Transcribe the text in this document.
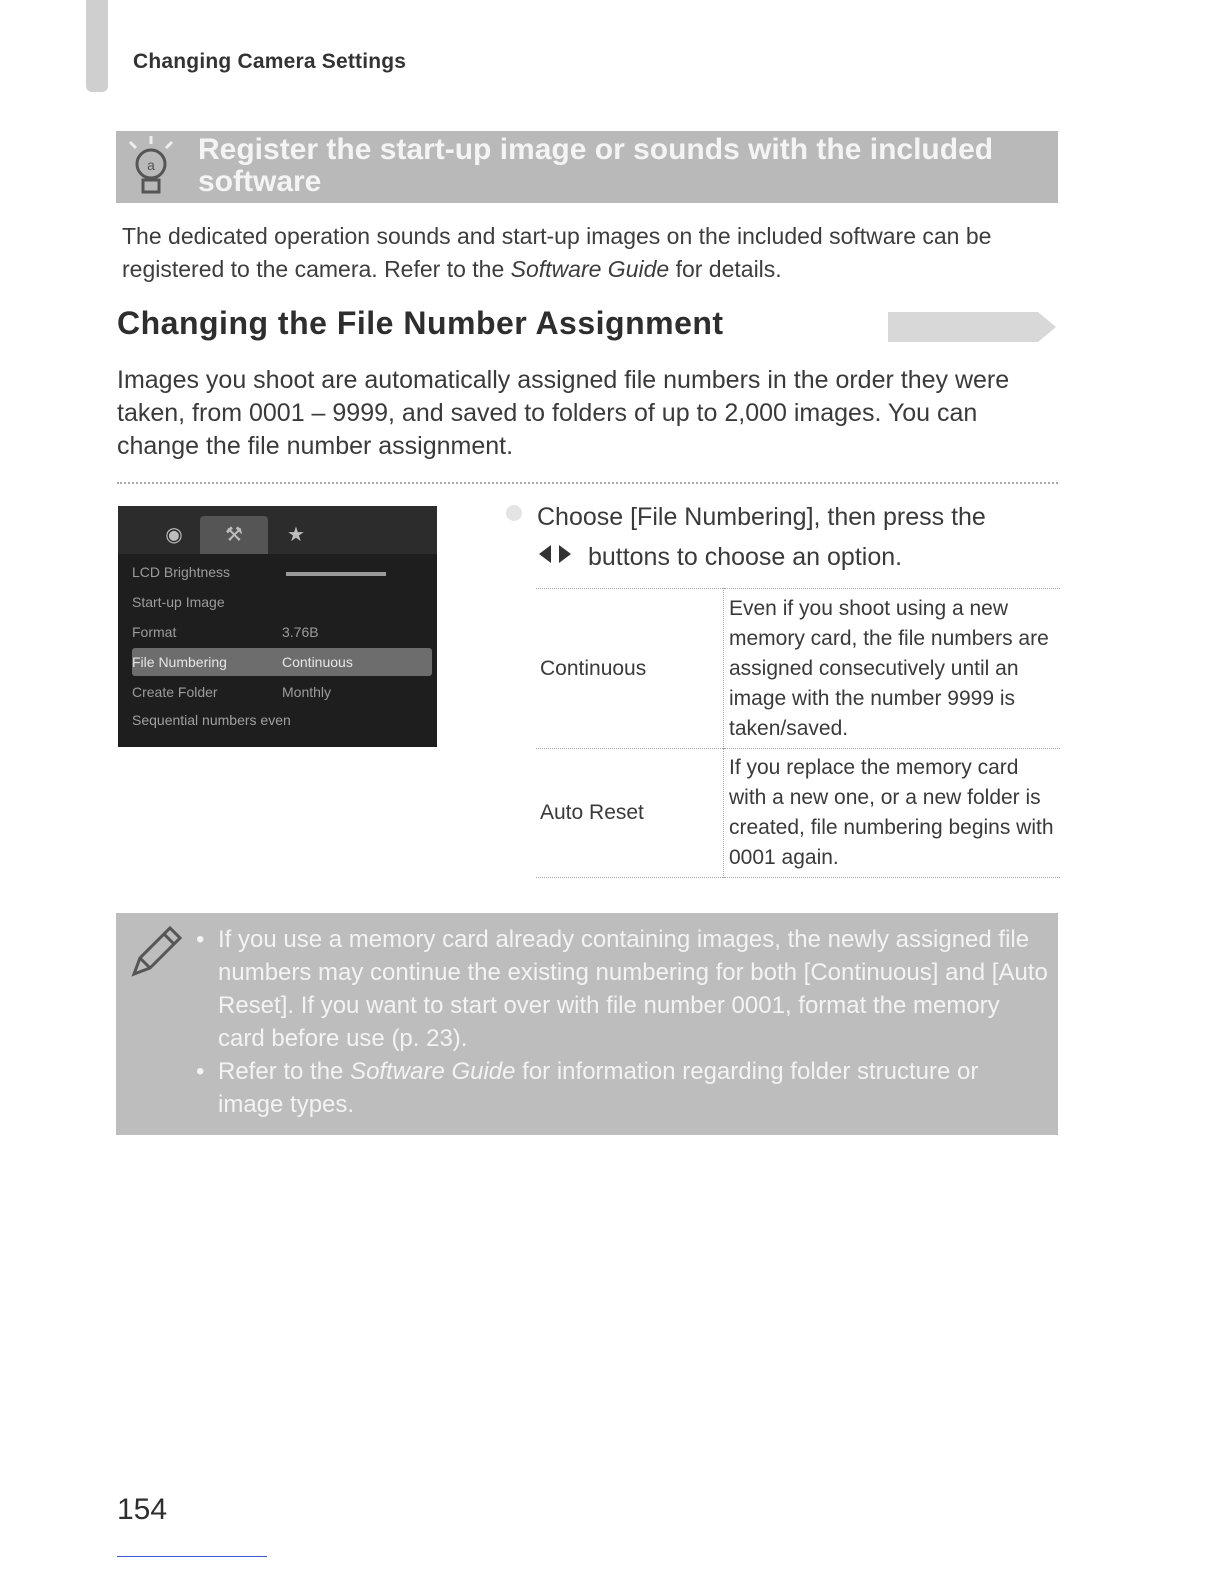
Changing Camera Settings
a Register the start-up image or sounds with the included software
The dedicated operation sounds and start-up images on the included software can be registered to the camera. Refer to the Software Guide for details.
Changing the File Number Assignment
Images you shoot are automatically assigned file numbers in the order they were taken, from 0001 – 9999, and saved to folders of up to 2,000 images. You can change the file number assignment.
◉	⚒	★
LCD Brightness
Start-up Image
Format	3.76B
File Numbering	Continuous
Create Folder	Monthly
Sequential numbers even
Choose [File Numbering], then press the
buttons to choose an option.
Continuous	Even if you shoot using a new memory card, the file numbers are assigned consecutively until an image with the number 9999 is taken/saved.
Auto Reset	If you replace the memory card with a new one, or a new folder is created, file numbering begins with 0001 again.
• If you use a memory card already containing images, the newly assigned file numbers may continue the existing numbering for both [Continuous] and [Auto Reset]. If you want to start over with file number 0001, format the memory card before use (p. 23).
• Refer to the Software Guide for information regarding folder structure or image types.
154
